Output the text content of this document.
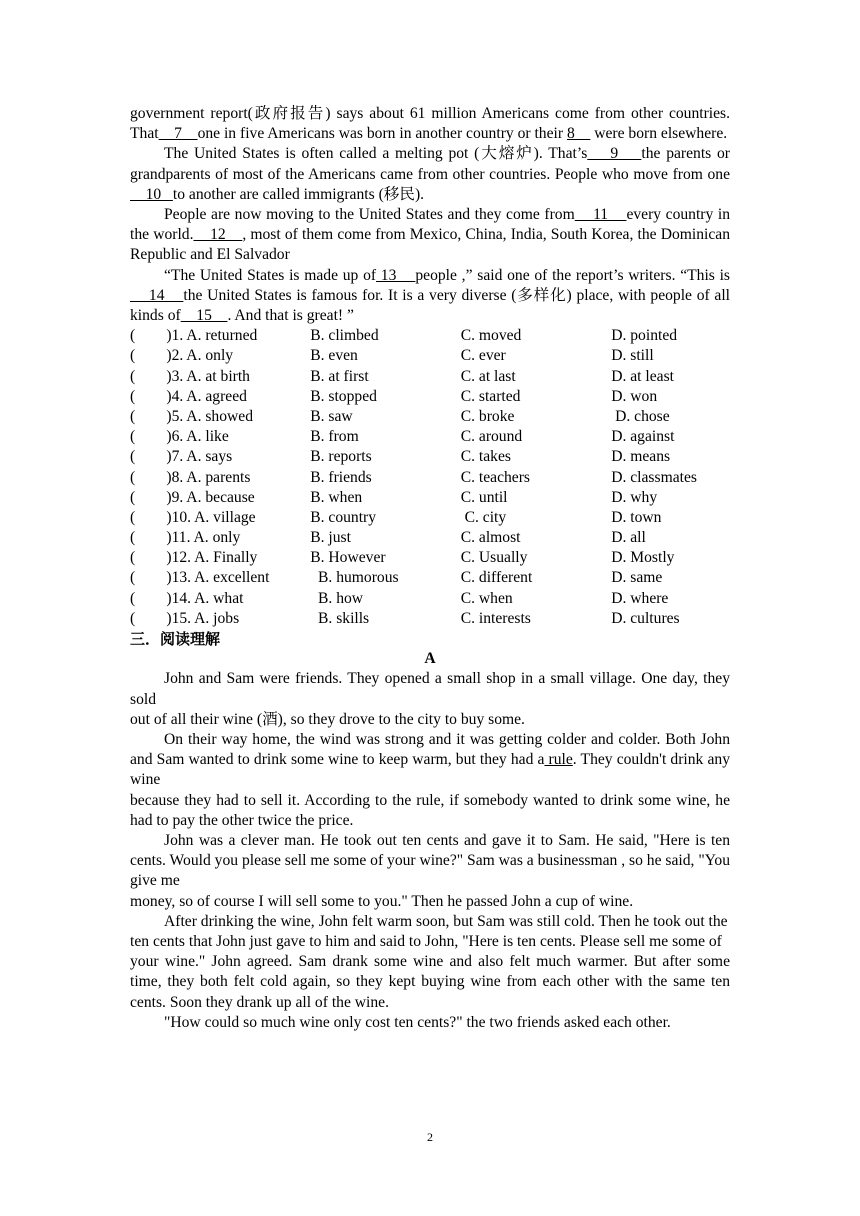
government report(政府报告) says about 61 million Americans come from other countries. That    7    one in five Americans was born in another country or their 8     were born elsewhere.

The United States is often called a melting pot (大熔炉). That’s    9    the parents or grandparents of most of the Americans came from other countries. People who move from one    10   to another are called immigrants (移民).

People are now moving to the United States and they come from    11    every country in the world.    12    , most of them come from Mexico, China, India, South Korea, the Dominican Republic and El Salvador

“The United States is made up of 13    people ,” said one of the report’s writers. “This is    14    the United States is famous for. It is a very diverse (多样化) place, with people of all kinds of    15    . And that is great! ”

(        )1. A. returned	B. climbed	C. moved	D. pointed
(        )2. A. only	B. even	C. ever	D. still
(        )3. A. at birth	B. at first	C. at last	D. at least
(        )4. A. agreed	B. stopped	C. started	D. won
(        )5. A. showed	B. saw	C. broke	D. chose
(        )6. A. like	B. from	C. around	D. against
(        )7. A. says	B. reports	C. takes	D. means
(        )8. A. parents	B. friends	C. teachers	D. classmates
(        )9. A. because	B. when	C. until	D. why
(        )10. A. village	B. country	C. city	D. town
(        )11. A. only	B. just	C. almost	D. all
(        )12. A. Finally	B. However	C. Usually	D. Mostly
(        )13. A. excellent	B. humorous	C. different	D. same
(        )14. A. what	B. how	C. when	D. where
(        )15. A. jobs	B. skills	C. interests	D. cultures
三．阅读理解
A

John and Sam were friends. They opened a small shop in a small village. One day, they sold

out of all their wine (酒), so they drove to the city to buy some.

On their way home, the wind was strong and it was getting colder and colder. Both John and Sam wanted to drink some wine to keep warm, but they had a rule. They couldn't drink any wine

because they had to sell it. According to the rule, if somebody wanted to drink some wine, he had to pay the other twice the price.

John was a clever man. He took out ten cents and gave it to Sam. He said, "Here is ten cents. Would you please sell me some of your wine?" Sam was a businessman , so he said, "You give me

money, so of course I will sell some to you." Then he passed John a cup of wine.

After drinking the wine, John felt warm soon, but Sam was still cold. Then he took out the

ten cents that John just gave to him and said to John, "Here is ten cents. Please sell me some of

your wine." John agreed. Sam drank some wine and also felt much warmer. But after some time, they both felt cold again, so they kept buying wine from each other with the same ten cents. Soon they drank up all of the wine.

"How could so much wine only cost ten cents?" the two friends asked each other.

2
